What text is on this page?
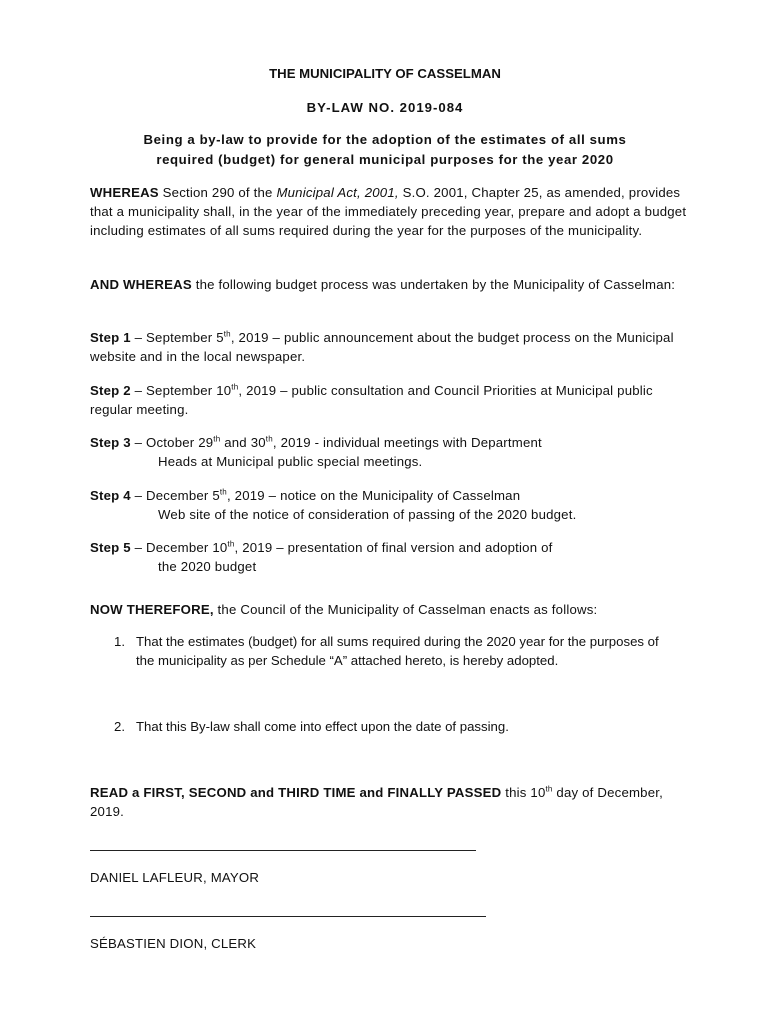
THE MUNICIPALITY OF CASSELMAN
BY-LAW NO. 2019-084
Being a by-law to provide for the adoption of the estimates of all sums
required (budget) for general municipal purposes for the year 2020
WHEREAS Section 290 of the Municipal Act, 2001, S.O. 2001, Chapter 25, as amended, provides that a municipality shall, in the year of the immediately preceding year, prepare and adopt a budget including estimates of all sums required during the year for the purposes of the municipality.
AND WHEREAS the following budget process was undertaken by the Municipality of Casselman:
Step 1 – September 5th, 2019 – public announcement about the budget process on the Municipal website and in the local newspaper.
Step 2 – September 10th, 2019 – public consultation and Council Priorities at Municipal public regular meeting.
Step 3 – October 29th and 30th, 2019 - individual meetings with Department
Heads at Municipal public special meetings.
Step 4 – December 5th, 2019 – notice on the Municipality of Casselman
Web site of the notice of consideration of passing of the 2020 budget.
Step 5 – December 10th, 2019 – presentation of final version and adoption of
the 2020 budget
NOW THEREFORE, the Council of the Municipality of Casselman enacts as follows:
1. That the estimates (budget) for all sums required during the 2020 year for the purposes of the municipality as per Schedule “A” attached hereto, is hereby adopted.
2. That this By-law shall come into effect upon the date of passing.
READ a FIRST, SECOND and THIRD TIME and FINALLY PASSED this 10th day of December, 2019.
DANIEL LAFLEUR, MAYOR
SÉBASTIEN DION, CLERK
